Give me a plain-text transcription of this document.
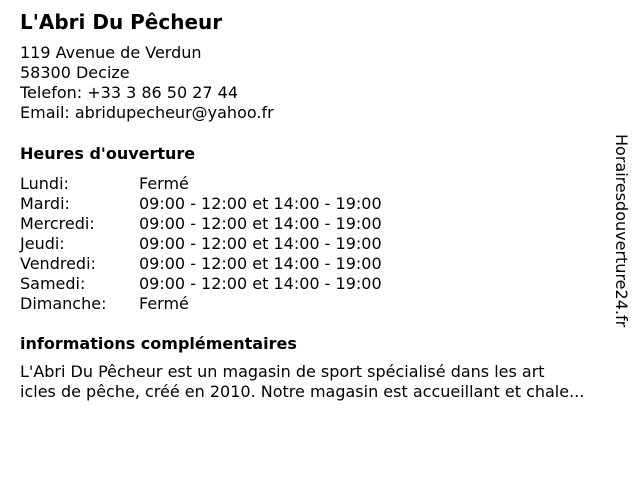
L'Abri Du Pêcheur
119 Avenue de Verdun
58300 Decize
Telefon: +33 3 86 50 27 44
Email: abridupecheur@yahoo.fr
Heures d'ouverture
Lundi:	Fermé
Mardi:	09:00 - 12:00 et 14:00 - 19:00
Mercredi:	09:00 - 12:00 et 14:00 - 19:00
Jeudi:	09:00 - 12:00 et 14:00 - 19:00
Vendredi:	09:00 - 12:00 et 14:00 - 19:00
Samedi:	09:00 - 12:00 et 14:00 - 19:00
Dimanche:	Fermé
informations complémentaires
L'Abri Du Pêcheur est un magasin de sport spécialisé dans les art
icles de pêche, créé en 2010. Notre magasin est accueillant et chale...
Horairesdouverture24.fr
